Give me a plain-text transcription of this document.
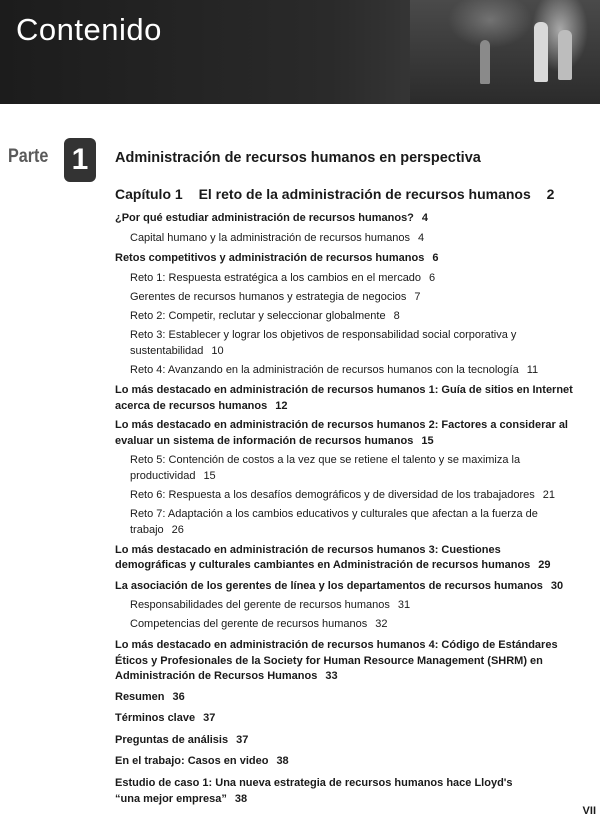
Contenido
Parte 1	Administración de recursos humanos en perspectiva
Capítulo 1 El reto de la administración de recursos humanos 2
¿Por qué estudiar administración de recursos humanos? 4
Capital humano y la administración de recursos humanos 4
Retos competitivos y administración de recursos humanos 6
Reto 1: Respuesta estratégica a los cambios en el mercado 6
Gerentes de recursos humanos y estrategia de negocios 7
Reto 2: Competir, reclutar y seleccionar globalmente 8
Reto 3: Establecer y lograr los objetivos de responsabilidad social corporativa y
sustentabilidad 10
Reto 4: Avanzando en la administración de recursos humanos con la tecnología 11
Lo más destacado en administración de recursos humanos 1: Guía de sitios en Internet
acerca de recursos humanos 12
Lo más destacado en administración de recursos humanos 2: Factores a considerar al
evaluar un sistema de información de recursos humanos 15
Reto 5: Contención de costos a la vez que se retiene el talento y se maximiza la
productividad 15
Reto 6: Respuesta a los desafíos demográficos y de diversidad de los trabajadores 21
Reto 7: Adaptación a los cambios educativos y culturales que afectan a la fuerza de
trabajo 26
Lo más destacado en administración de recursos humanos 3: Cuestiones
demográficas y culturales cambiantes en Administración de recursos humanos 29
La asociación de los gerentes de línea y los departamentos de recursos humanos 30
Responsabilidades del gerente de recursos humanos 31
Competencias del gerente de recursos humanos 32
Lo más destacado en administración de recursos humanos 4: Código de Estándares
Éticos y Profesionales de la Society for Human Resource Management (SHRM) en
Administración de Recursos Humanos 33
Resumen 36
Términos clave 37
Preguntas de análisis 37
En el trabajo: Casos en video 38
Estudio de caso 1: Una nueva estrategia de recursos humanos hace Lloyd's
“una mejor empresa” 38
VII
